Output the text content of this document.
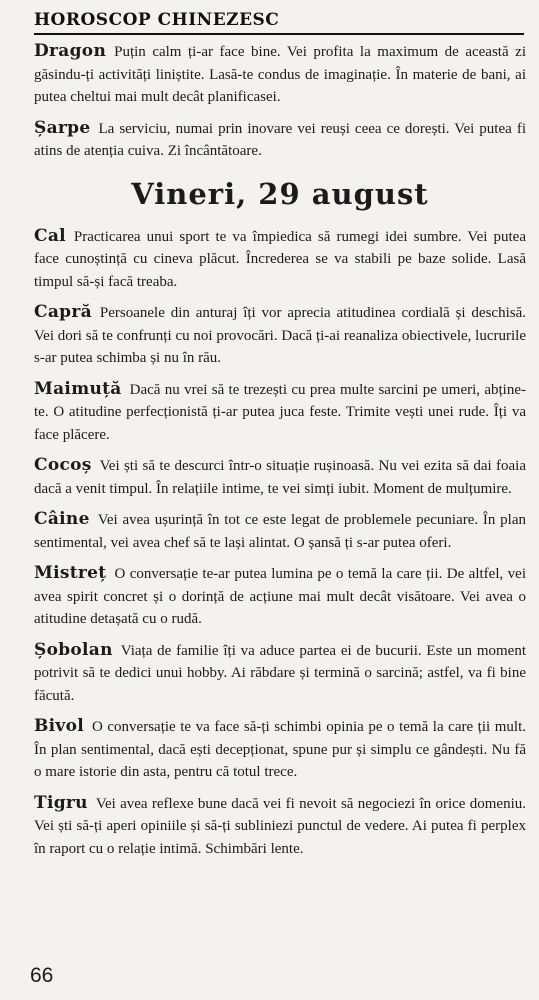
HOROSCOP CHINEZESC

Dragon Puțin calm ți-ar face bine. Vei profita la maximum de această zi găsindu-ți activități liniștite. Lasă-te condus de imaginație. În materie de bani, ai putea cheltui mai mult decât planificasei.

Șarpe La serviciu, numai prin inovare vei reuși ceea ce dorești. Vei putea fi atins de atenția cuiva. Zi încântătoare.

Vineri, 29 august

Cal Practicarea unui sport te va împiedica să rumegi idei sumbre. Vei putea face cunoștință cu cineva plăcut. Încrederea se va stabili pe baze solide. Lasă timpul să-și facă treaba.

Capră Persoanele din anturaj îți vor aprecia atitudinea cordială și deschisă. Vei dori să te confrunți cu noi provocări. Dacă ți-ai reanaliza obiectivele, lucrurile s-ar putea schimba și nu în rău.

Maimuță Dacă nu vrei să te trezești cu prea multe sarcini pe umeri, abține-te. O atitudine perfecționistă ți-ar putea juca feste. Trimite vești unei rude. Îți va face plăcere.

Cocoș Vei ști să te descurci într-o situație rușinoasă. Nu vei ezita să dai foaia dacă a venit timpul. În relațiile intime, te vei simți iubit. Moment de mulțumire.

Câine Vei avea ușurință în tot ce este legat de problemele pecuniare. În plan sentimental, vei avea chef să te lași alintat. O șansă ți s-ar putea oferi.

Mistreț O conversație te-ar putea lumina pe o temă la care ții. De altfel, vei avea spirit concret și o dorință de acțiune mai mult decât visătoare. Vei avea o atitudine detașată cu o rudă.

Șobolan Viața de familie îți va aduce partea ei de bucurii. Este un moment potrivit să te dedici unui hobby. Ai răbdare și termină o sarcină; astfel, va fi bine făcută.

Bivol O conversație te va face să-ți schimbi opinia pe o temă la care ții mult. În plan sentimental, dacă ești decepționat, spune pur și simplu ce gândești. Nu fă o mare istorie din asta, pentru că totul trece.

Tigru Vei avea reflexe bune dacă vei fi nevoit să negociezi în orice domeniu. Vei ști să-ți aperi opiniile și să-ți subliniezi punctul de vedere. Ai putea fi perplex în raport cu o relație intimă. Schimbări lente.

66
